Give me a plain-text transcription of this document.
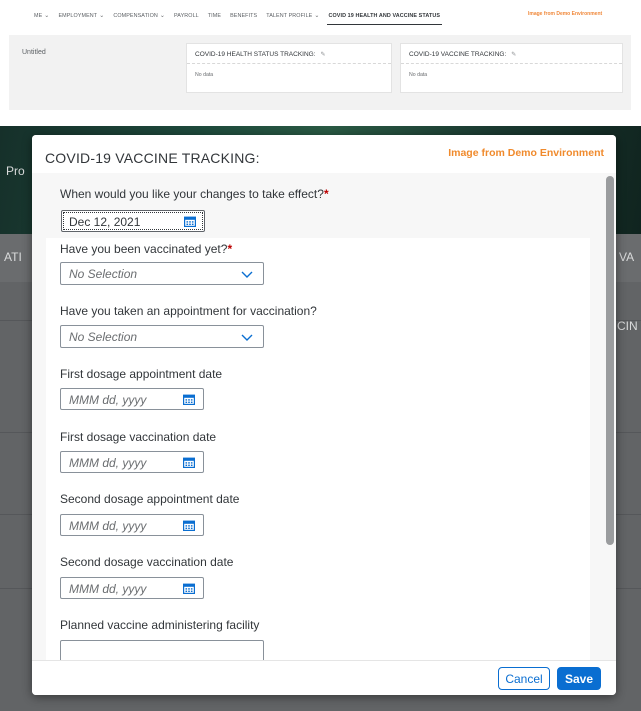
ME ⌄ EMPLOYMENT ⌄ COMPENSATION ⌄ PAYROLL TIME BENEFITS TALENT PROFILE ⌄ COVID 19 HEALTH AND VACCINE STATUS	Image from Demo Environment
Untitled	COVID-19 HEALTH STATUS TRACKING: ✎
No data
COVID-19 VACCINE TRACKING: ✎
No data
Pro
ATI	VA
CIN
COVID-19 VACCINE TRACKING:	Image from Demo Environment
When would you like your changes to take effect?*
Dec 12, 2021
Have you been vaccinated yet?*
No Selection
Have you taken an appointment for vaccination?
No Selection
First dosage appointment date
MMM dd, yyyy
First dosage vaccination date
MMM dd, yyyy
Second dosage appointment date
MMM dd, yyyy
Second dosage vaccination date
MMM dd, yyyy
Planned vaccine administering facility
Cancel	Save
